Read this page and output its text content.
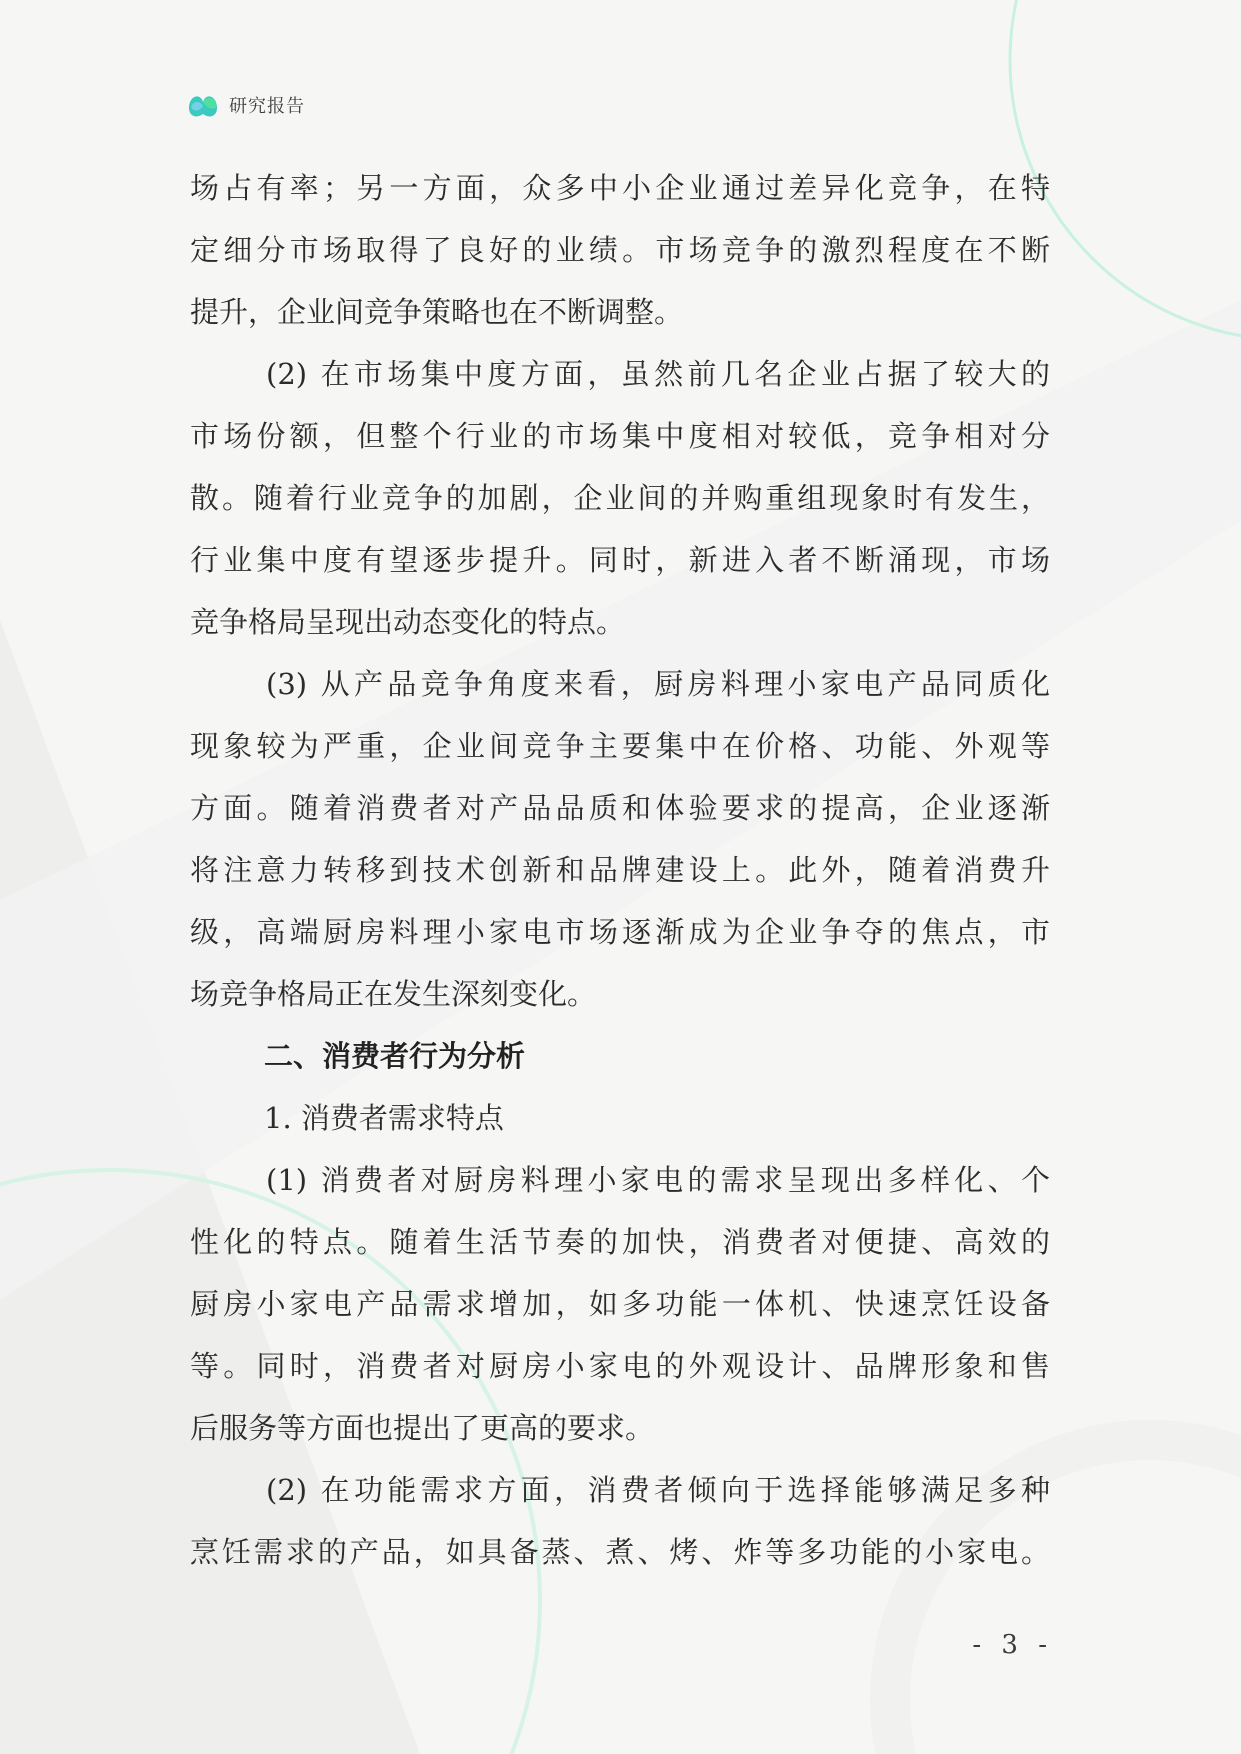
研究报告
场占有率；另一方面，众多中小企业通过差异化竞争，在特
定细分市场取得了良好的业绩。市场竞争的激烈程度在不断
提升，企业间竞争策略也在不断调整。
(2) 在市场集中度方面，虽然前几名企业占据了较大的
市场份额，但整个行业的市场集中度相对较低，竞争相对分
散。随着行业竞争的加剧，企业间的并购重组现象时有发生，
行业集中度有望逐步提升。同时，新进入者不断涌现，市场
竞争格局呈现出动态变化的特点。
(3) 从产品竞争角度来看，厨房料理小家电产品同质化
现象较为严重，企业间竞争主要集中在价格、功能、外观等
方面。随着消费者对产品品质和体验要求的提高，企业逐渐
将注意力转移到技术创新和品牌建设上。此外，随着消费升
级，高端厨房料理小家电市场逐渐成为企业争夺的焦点，市
场竞争格局正在发生深刻变化。
二、消费者行为分析
1. 消费者需求特点
(1) 消费者对厨房料理小家电的需求呈现出多样化、个
性化的特点。随着生活节奏的加快，消费者对便捷、高效的
厨房小家电产品需求增加，如多功能一体机、快速烹饪设备
等。同时，消费者对厨房小家电的外观设计、品牌形象和售
后服务等方面也提出了更高的要求。
(2) 在功能需求方面，消费者倾向于选择能够满足多种
烹饪需求的产品，如具备蒸、煮、烤、炸等多功能的小家电。
- 3 -
